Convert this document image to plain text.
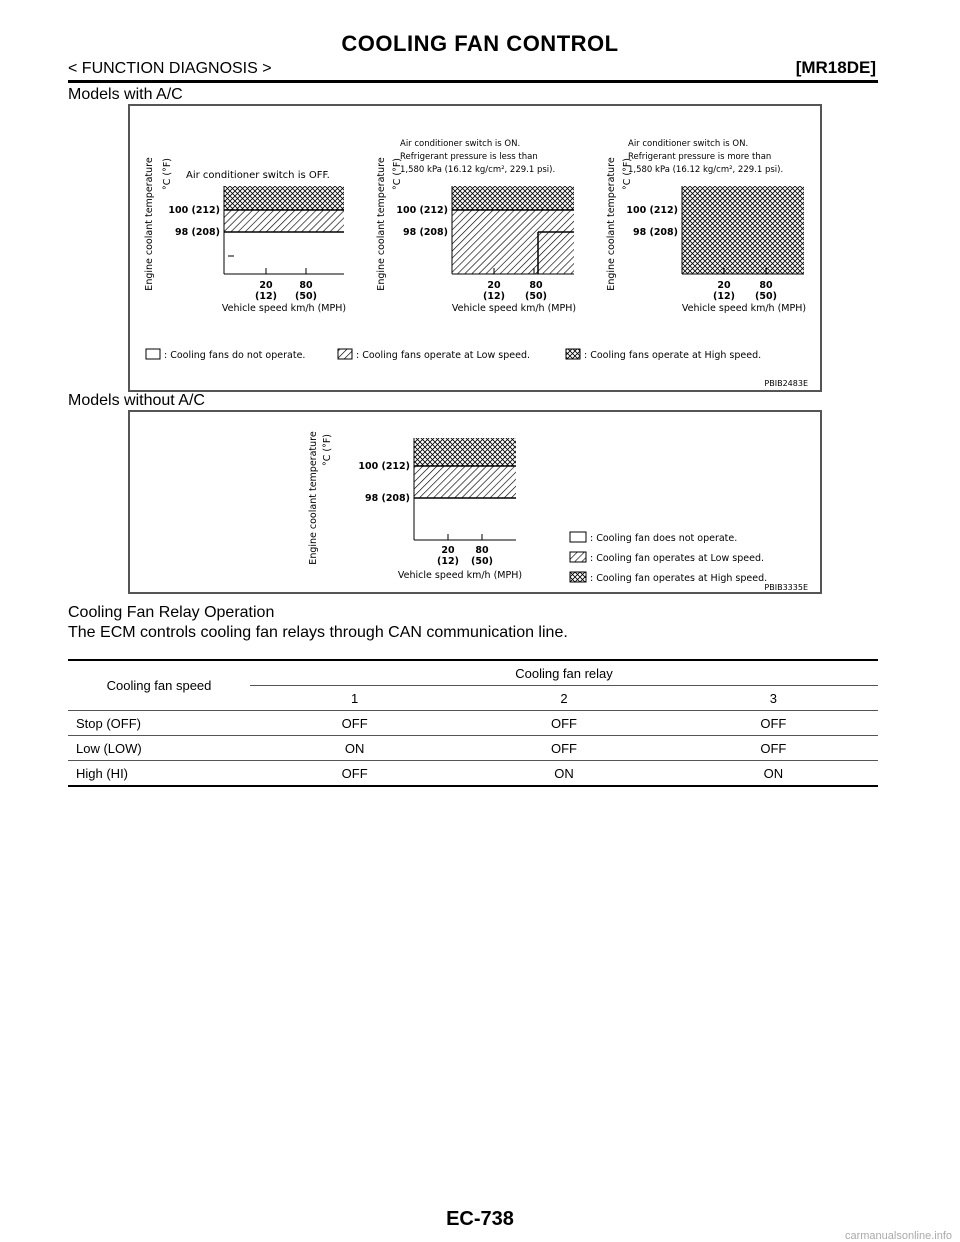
COOLING FAN CONTROL
< FUNCTION DIAGNOSIS >	[MR18DE]
Models with A/C
Engine coolant temperature °C (°F) Air conditioner switch is OFF.
100 (212)
98 (208)
20
(12)
80
(50)
Vehicle speed km/h (MPH)
Engine coolant temperature °C (°F)
Air conditioner switch is ON.
Refrigerant pressure is less than
1,580 kPa (16.12 kg/cm², 229.1 psi).
100 (212)
98 (208)
20
(12)
80
(50)
Vehicle speed km/h (MPH)
Engine coolant temperature °C (°F)
Air conditioner switch is ON.
Refrigerant pressure is more than
1,580 kPa (16.12 kg/cm², 229.1 psi).
100 (212)
98 (208)
20
(12)
80
(50)
Vehicle speed km/h (MPH)
: Cooling fans do not operate.	: Cooling fans operate at Low speed.	: Cooling fans operate at High speed.
PBIB2483E
Models without A/C
Engine coolant temperature °C (°F)
100 (212)
98 (208)
20
(12)
80
(50)
Vehicle speed km/h (MPH)
: Cooling fan does not operate.
: Cooling fan operates at Low speed.
: Cooling fan operates at High speed.
PBIB3335E
Cooling Fan Relay Operation
The ECM controls cooling fan relays through CAN communication line.
Cooling fan speed	Cooling fan relay		
	1	2	3
Stop (OFF)	OFF	OFF	OFF
Low (LOW)	ON	OFF	OFF
High (HI)	OFF	ON	ON
EC-738
carmanualsonline.info
